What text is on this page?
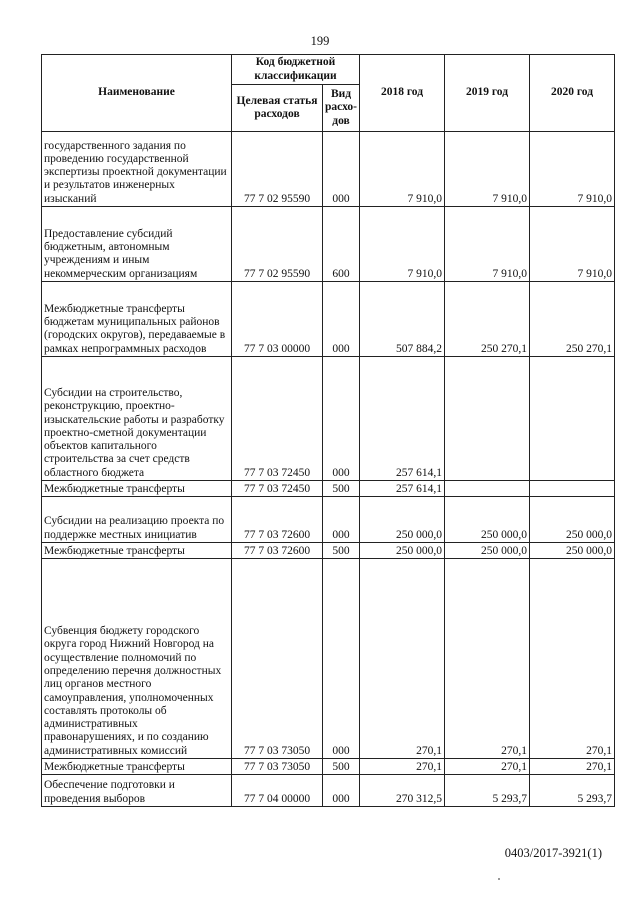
199
Наименование	Код бюджетной классификации		2018 год	2019 год	2020 год
	Целевая статья расходов	Вид расхо-дов			
государственного задания по проведению государственной экспертизы проектной документации и результатов инженерных изысканий	77 7 02 95590	000	7 910,0	7 910,0	7 910,0
Предоставление субсидий бюджетным, автономным учреждениям и иным некоммерческим организациям	77 7 02 95590	600	7 910,0	7 910,0	7 910,0
Межбюджетные трансферты бюджетам муниципальных районов (городских округов), передаваемые в рамках непрограммных расходов	77 7 03 00000	000	507 884,2	250 270,1	250 270,1
Субсидии на строительство, реконструкцию, проектно-изыскательские работы и разработку проектно-сметной документации объектов капитального строительства за счет средств областного бюджета	77 7 03 72450	000	257 614,1		
Межбюджетные трансферты	77 7 03 72450	500	257 614,1		
Субсидии на реализацию проекта по поддержке местных инициатив	77 7 03 72600	000	250 000,0	250 000,0	250 000,0
Межбюджетные трансферты	77 7 03 72600	500	250 000,0	250 000,0	250 000,0
Субвенция бюджету городского округа город Нижний Новгород на осуществление полномочий по определению перечня должностных лиц органов местного самоуправления, уполномоченных составлять протоколы об административных правонарушениях, и по созданию административных комиссий	77 7 03 73050	000	270,1	270,1	270,1
Межбюджетные трансферты	77 7 03 73050	500	270,1	270,1	270,1
Обеспечение подготовки и проведения выборов	77 7 04 00000	000	270 312,5	5 293,7	5 293,7
0403/2017-3921(1)
